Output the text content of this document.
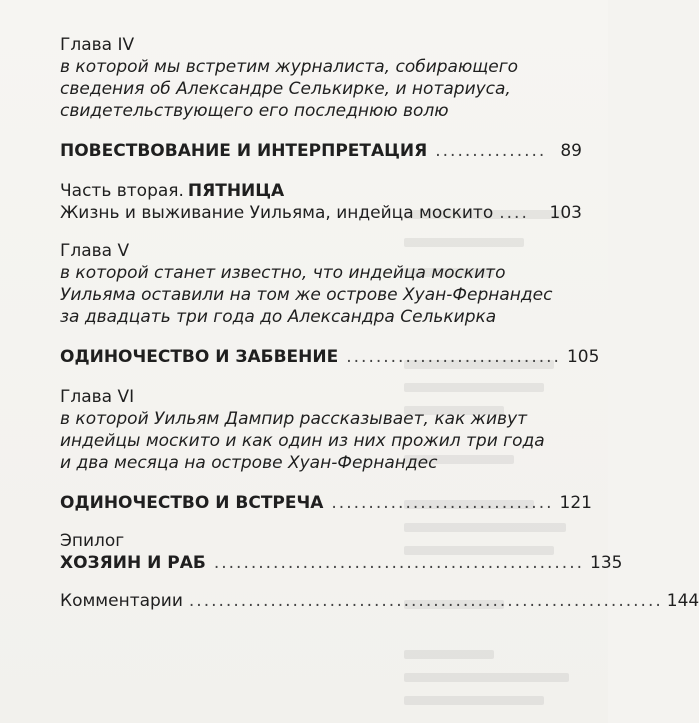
Глава IV

в которой мы встретим журналиста, собирающего

сведения об Александре Селькирке, и нотариуса,

свидетельствующего его последнюю волю

ПОВЕСТВОВАНИЕ И ИНТЕРПРЕТАЦИЯ ............... 89
Часть вторая. ПЯТНИЦА
Жизнь и выживание Уильяма, индейца москито ....	103

Глава V

в которой станет известно, что индейца москито

Уильяма оставили на том же острове Хуан-Фернандес

за двадцать три года до Александра Селькирка

ОДИНОЧЕСТВО И ЗАБВЕНИЕ ............................. 105

Глава VI

в которой Уильям Дампир рассказывает, как живут

индейцы москито и как один из них прожил три года

и два месяца на острове Хуан-Фернандес

ОДИНОЧЕСТВО И ВСТРЕЧА .............................. 121

Эпилог

ХОЗЯИН И РАБ .................................................. 135
Комментарии ................................................................ 144
